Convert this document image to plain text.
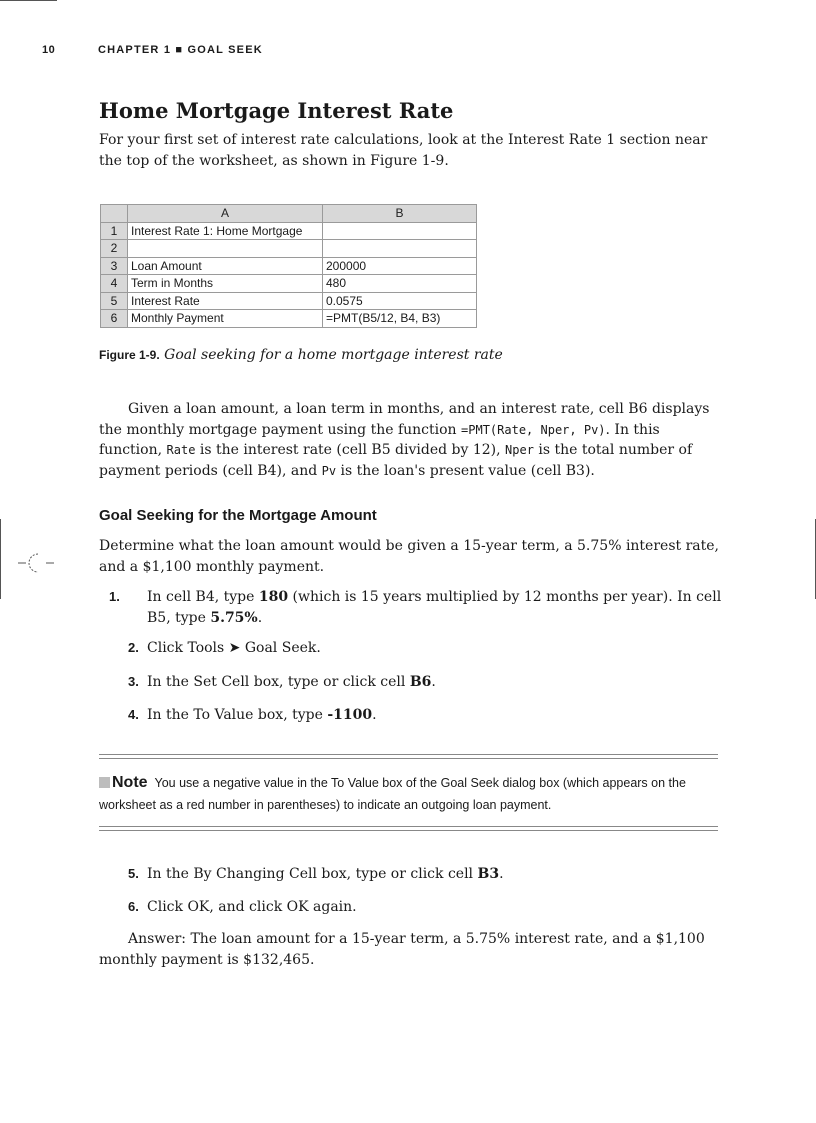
10	CHAPTER 1 ■ GOAL SEEK
Home Mortgage Interest Rate
For your first set of interest rate calculations, look at the Interest Rate 1 section near the top of the worksheet, as shown in Figure 1-9.
	A	B
1	Interest Rate 1: Home Mortgage	
2		
3	Loan Amount	200000
4	Term in Months	480
5	Interest Rate	0.0575
6	Monthly Payment	=PMT(B5/12, B4, B3)
Figure 1-9. Goal seeking for a home mortgage interest rate
Given a loan amount, a loan term in months, and an interest rate, cell B6 displays the monthly mortgage payment using the function =PMT(Rate, Nper, Pv). In this function, Rate is the interest rate (cell B5 divided by 12), Nper is the total number of payment periods (cell B4), and Pv is the loan's present value (cell B3).
Goal Seeking for the Mortgage Amount
Determine what the loan amount would be given a 15-year term, a 5.75% interest rate, and a $1,100 monthly payment.
1. In cell B4, type 180 (which is 15 years multiplied by 12 months per year). In cell B5, type 5.75%.
2. Click Tools ➤ Goal Seek.
3. In the Set Cell box, type or click cell B6.
4. In the To Value box, type -1100.
Note You use a negative value in the To Value box of the Goal Seek dialog box (which appears on the worksheet as a red number in parentheses) to indicate an outgoing loan payment.
5. In the By Changing Cell box, type or click cell B3.
6. Click OK, and click OK again.
Answer: The loan amount for a 15-year term, a 5.75% interest rate, and a $1,100 monthly payment is $132,465.
